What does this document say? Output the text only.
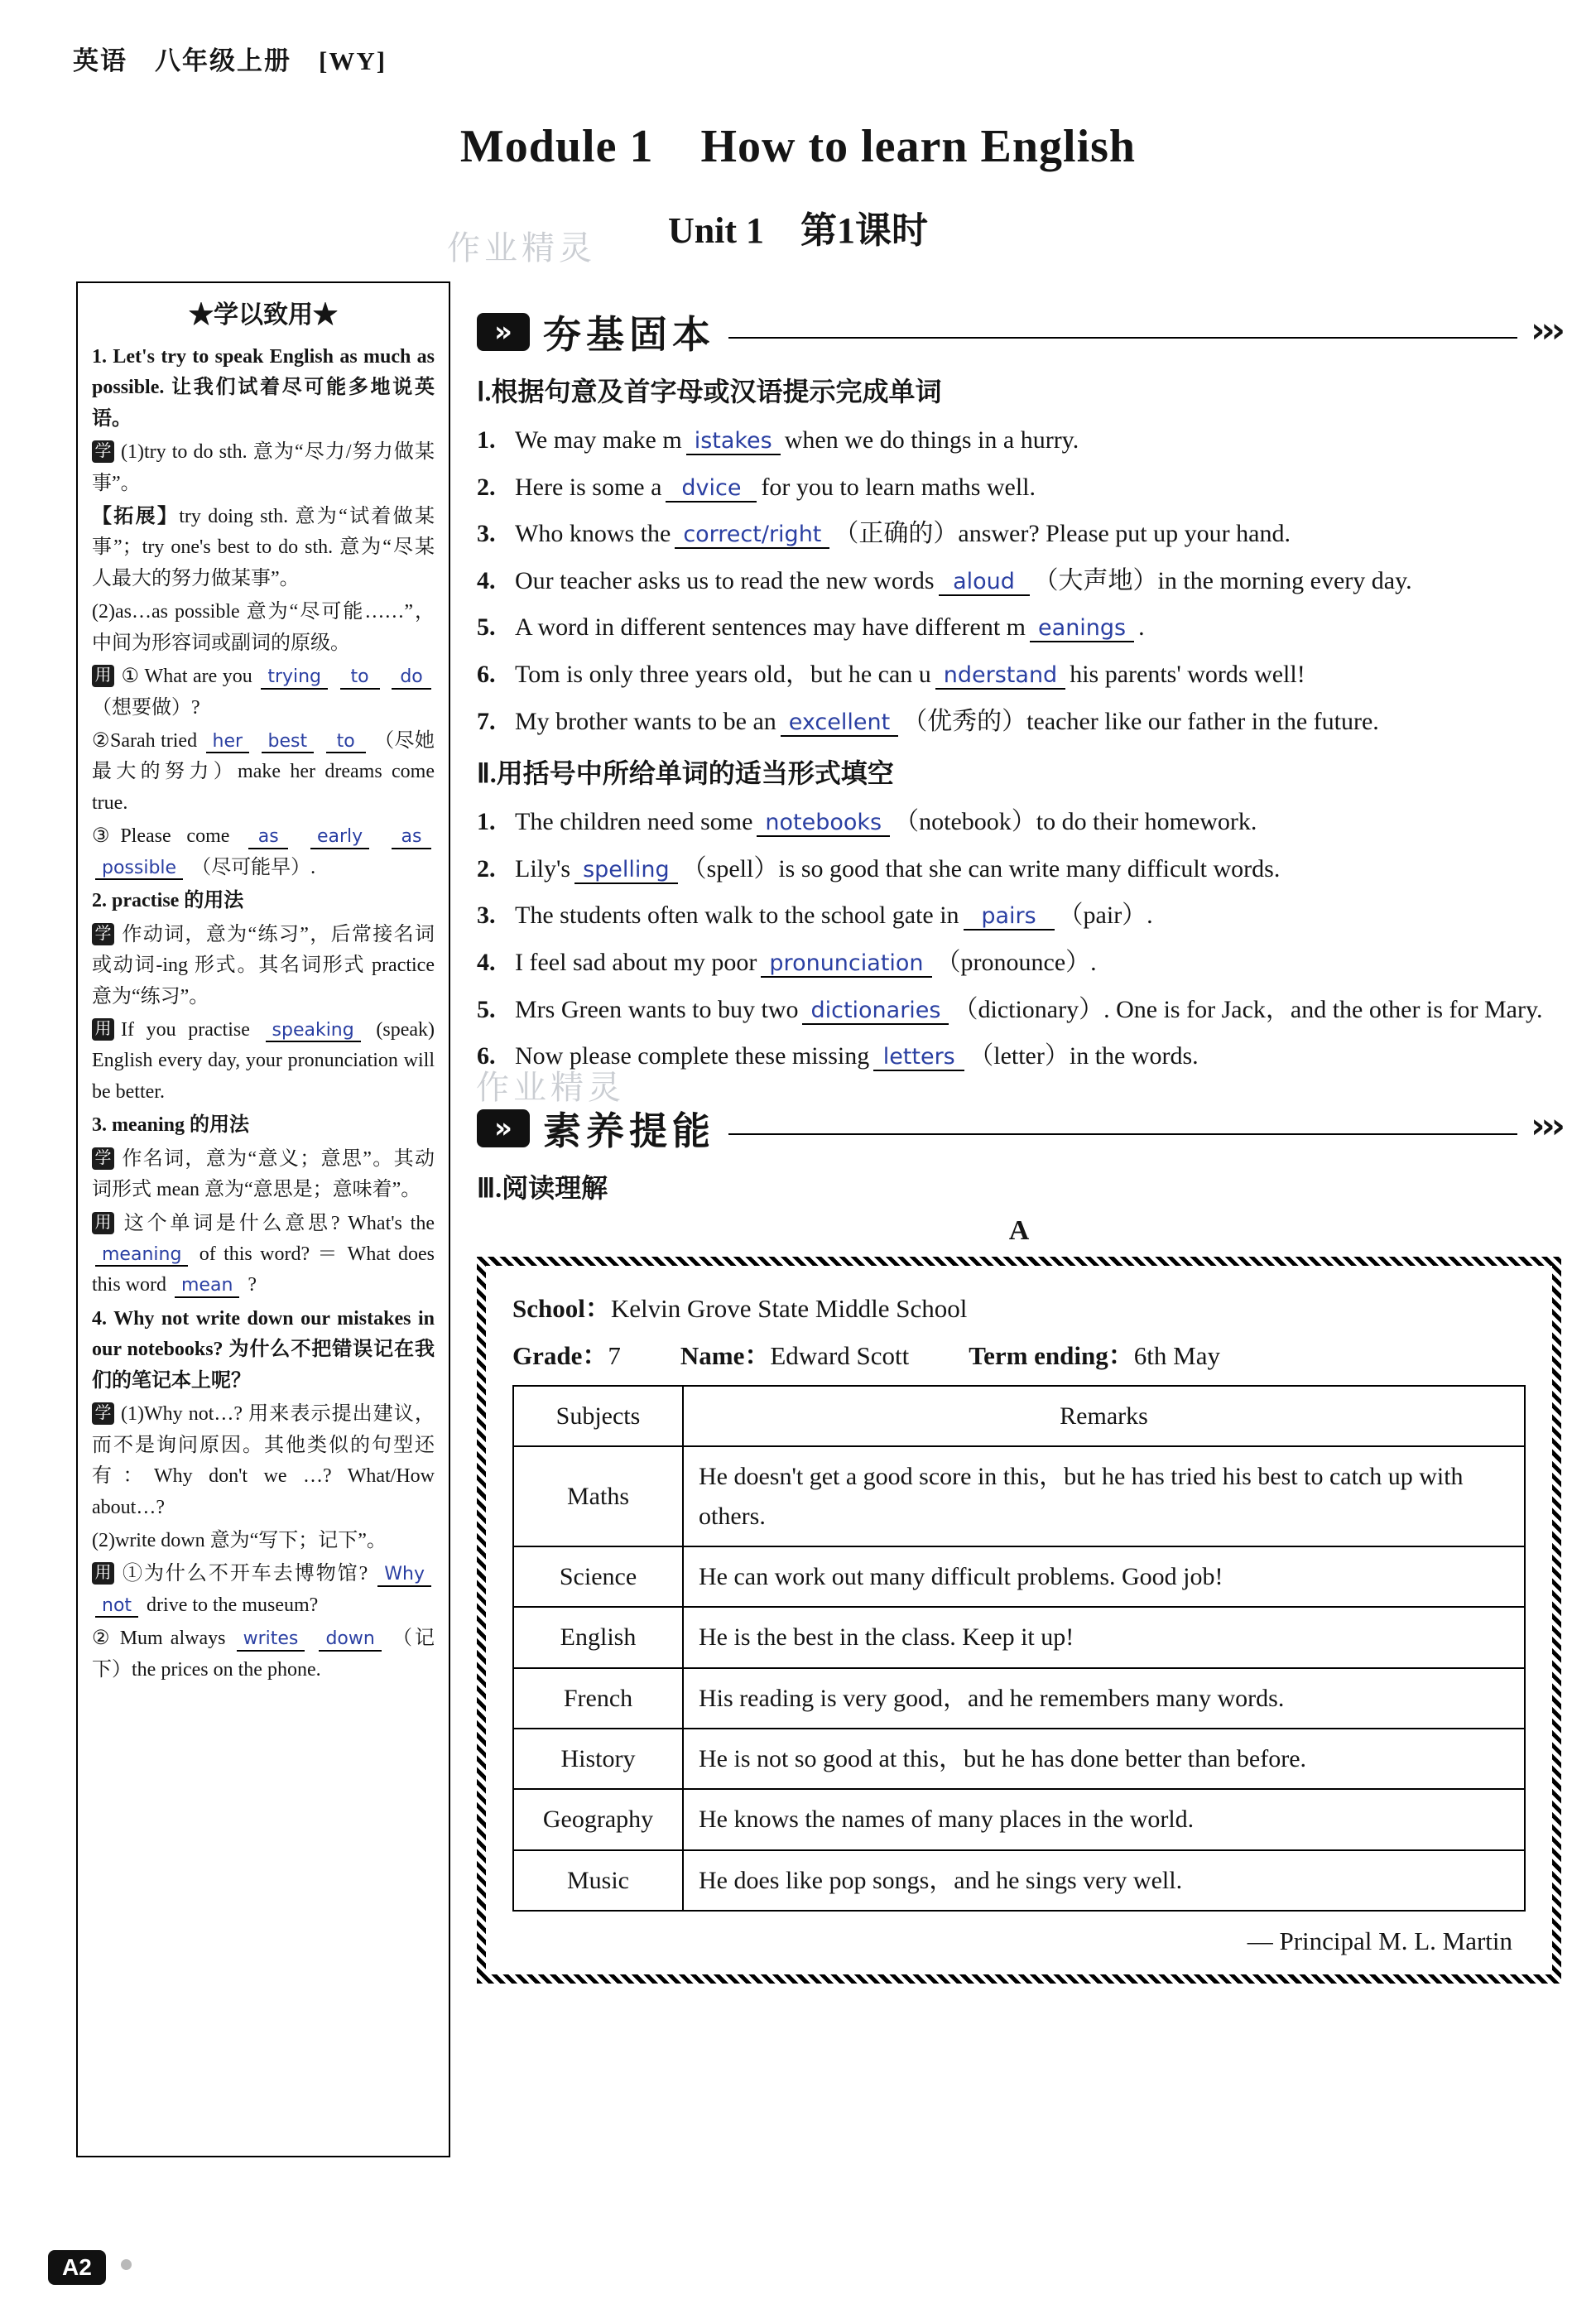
英语　八年级上册　[WY]
Module 1　How to learn English
Unit 1　第1课时
作业精灵
作业精灵
★学以致用★

1. Let's try to speak English as much as possible. 让我们试着尽可能多地说英语。

学 (1)try to do sth. 意为“尽力/努力做某事”。

【拓展】try doing sth. 意为“试着做某事”；try one's best to do sth. 意为“尽某人最大的努力做某事”。

(2)as…as possible 意为“尽可能……”，中间为形容词或副词的原级。

用 ① What are you trying to do （想要做）?

②Sarah tried her best to （尽她最大的努力）make her dreams come true.

③Please come as early as possible （尽可能早）.

2. practise 的用法

学 作动词，意为“练习”，后常接名词或动词-ing 形式。其名词形式 practice 意为“练习”。

用 If you practise speaking (speak) English every day, your pronunciation will be better.

3. meaning 的用法

学 作名词，意为“意义；意思”。其动词形式 mean 意为“意思是；意味着”。

用 这个单词是什么意思? What's the meaning of this word? ＝ What does this word mean ?

4. Why not write down our mistakes in our notebooks? 为什么不把错误记在我们的笔记本上呢？

学 (1)Why not…? 用来表示提出建议，而不是询问原因。其他类似的句型还有：Why don't we …? What/How about…?

(2)write down 意为“写下；记下”。

用 ①为什么不开车去博物馆? Why not drive to the museum?

② Mum always writes down （记下）the prices on the phone.

» 夯基固本	›››
Ⅰ.根据句意及首字母或汉语提示完成单词
1. We may make m istakes when we do things in a hurry.
2. Here is some a dvice for you to learn maths well.
3. Who knows the correct/right （正确的）answer? Please put up your hand.
4. Our teacher asks us to read the new words aloud （大声地）in the morning every day.
5. A word in different sentences may have different m eanings .
6. Tom is only three years old，but he can u nderstand his parents' words well!
7. My brother wants to be an excellent （优秀的）teacher like our father in the future.
Ⅱ.用括号中所给单词的适当形式填空
1. The children need some notebooks （notebook）to do their homework.
2. Lily's spelling （spell）is so good that she can write many difficult words.
3. The students often walk to the school gate in pairs （pair）.
4. I feel sad about my poor pronunciation （pronounce）.
5. Mrs Green wants to buy two dictionaries （dictionary）. One is for Jack，and the other is for Mary.
6. Now please complete these missing letters （letter）in the words.
» 素养提能	›››
Ⅲ.阅读理解
A
School：Kelvin Grove State Middle School
Grade：7 Name：Edward Scott Term ending：6th May
Subjects	Remarks
Maths	He doesn't get a good score in this，but he has tried his best to catch up with others.
Science	He can work out many difficult problems. Good job!
English	He is the best in the class. Keep it up!
French	His reading is very good，and he remembers many words.
History	He is not so good at this，but he has done better than before.
Geography	He knows the names of many places in the world.
Music	He does like pop songs，and he sings very well.
— Principal M. L. Martin
A2
